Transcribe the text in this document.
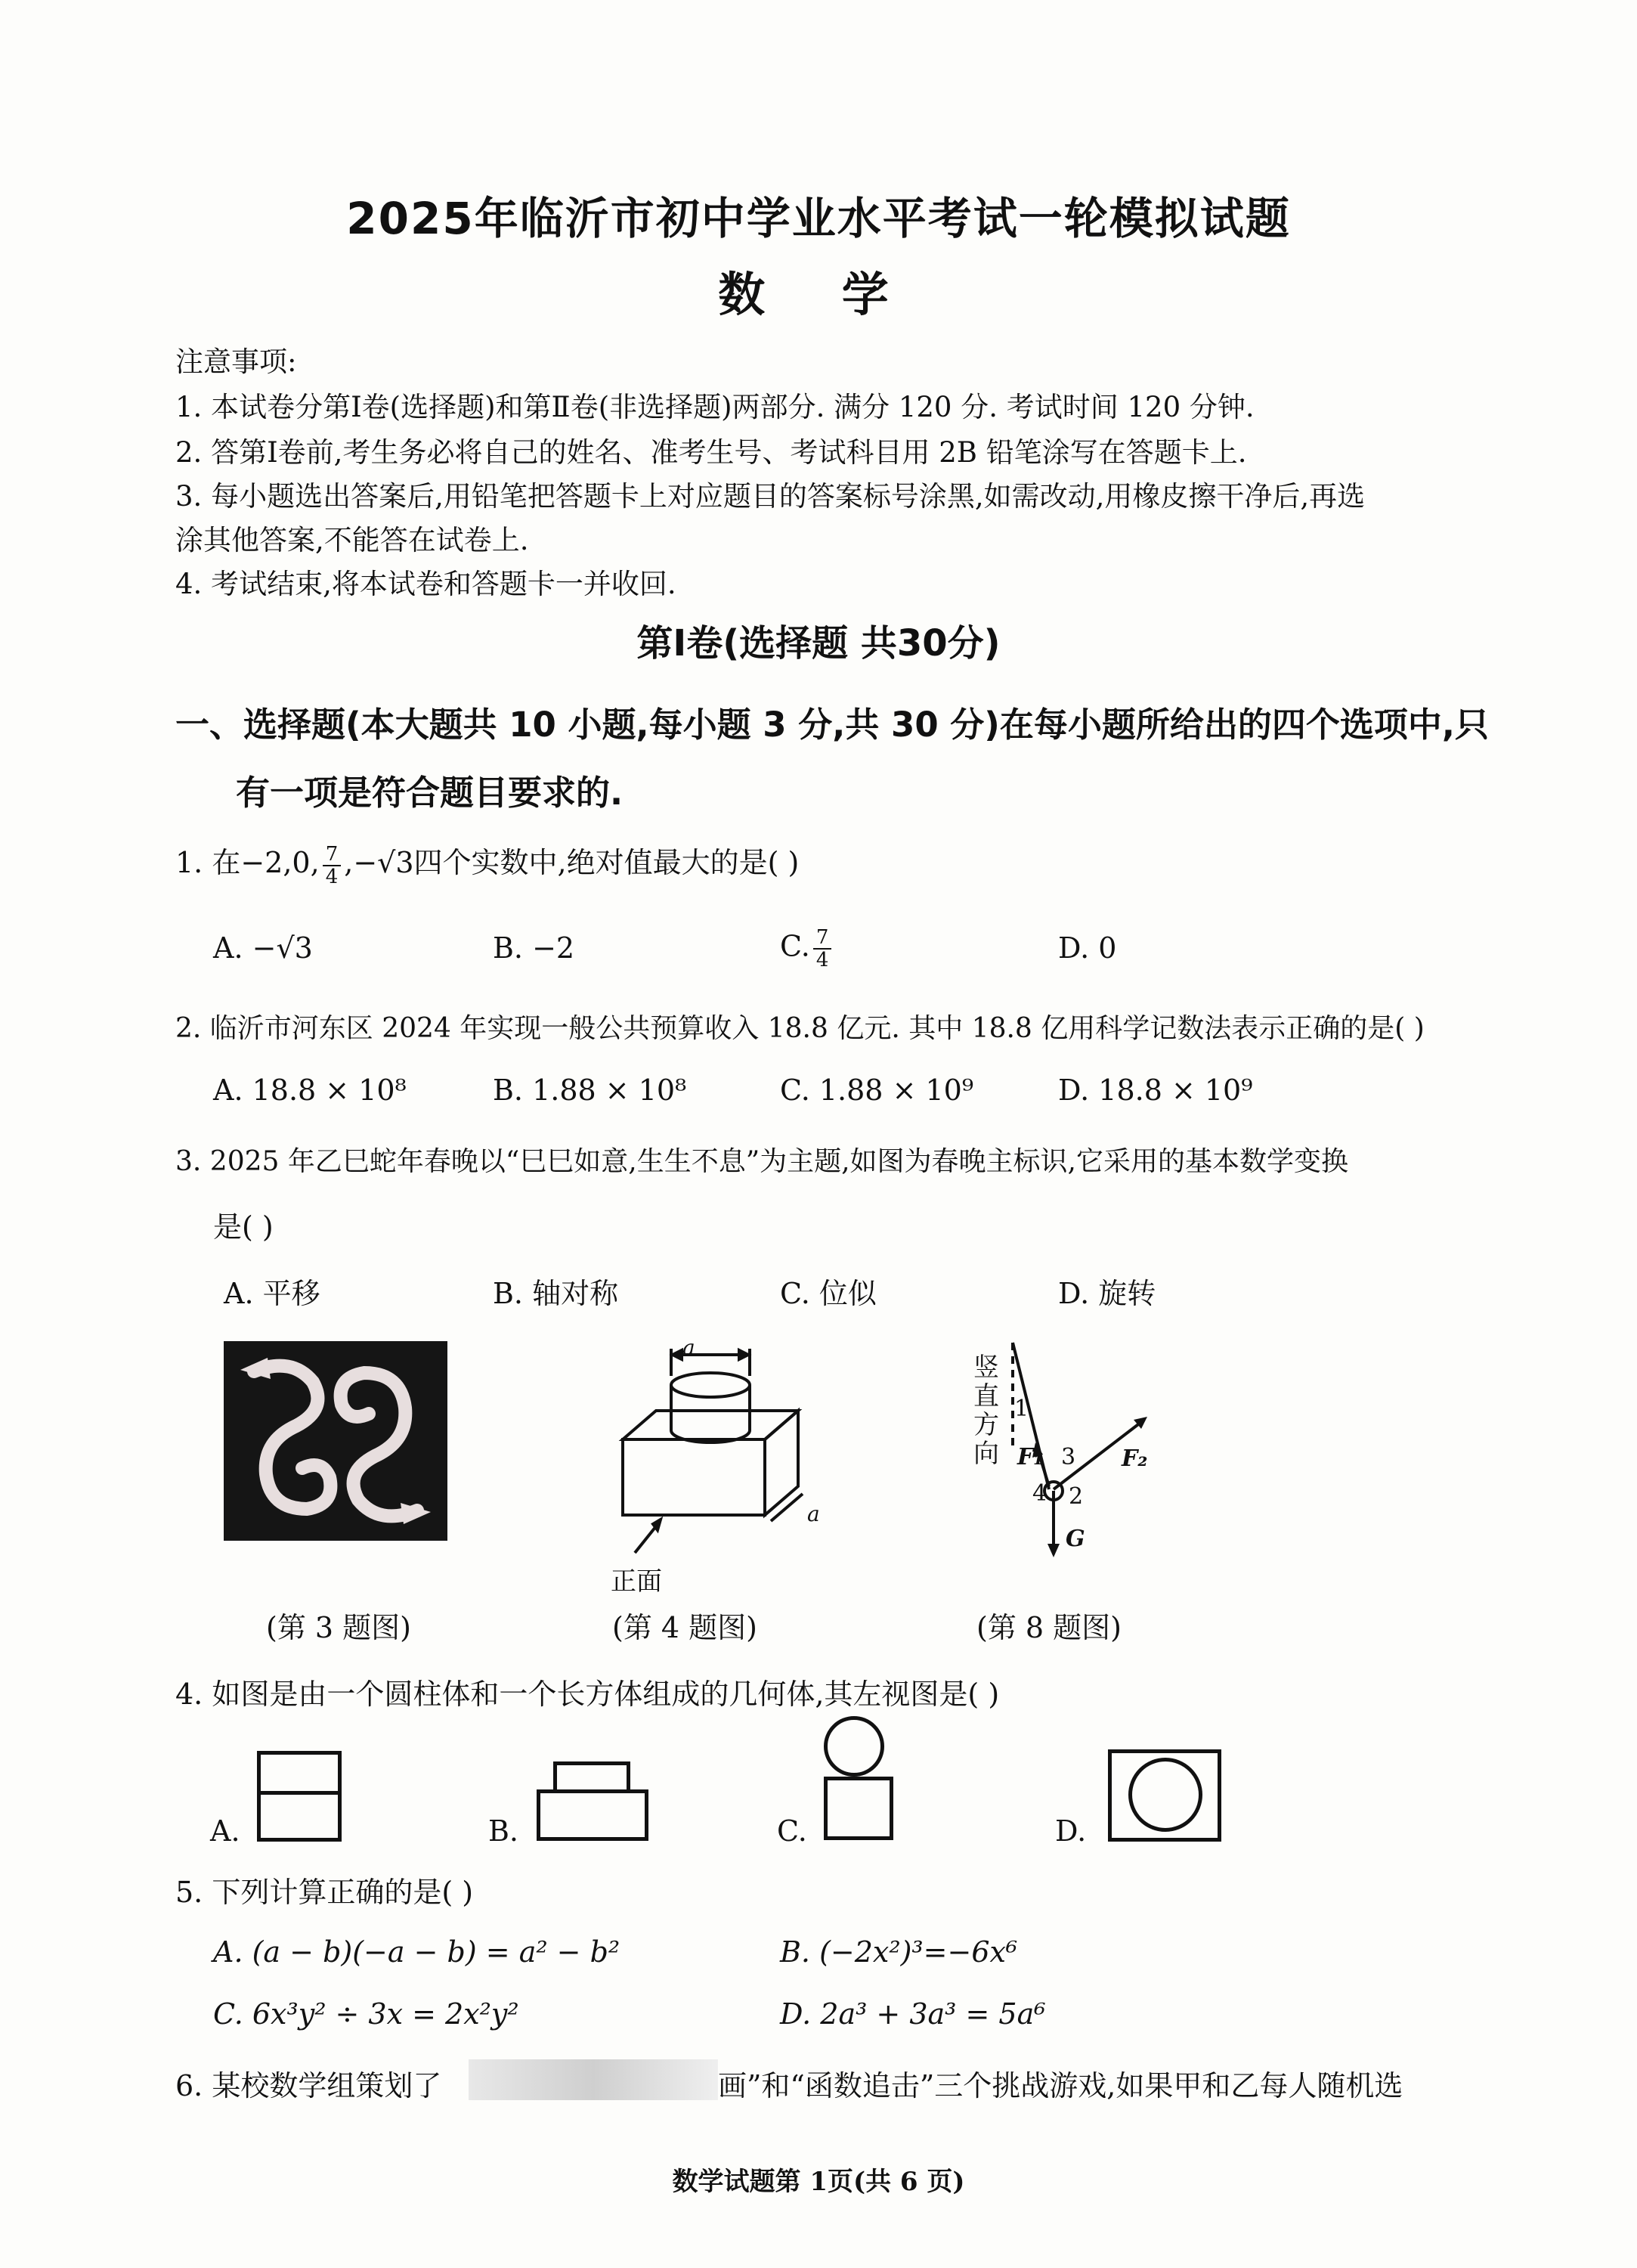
2025年临沂市初中学业水平考试一轮模拟试题
数 学
注意事项:
1. 本试卷分第Ⅰ卷(选择题)和第Ⅱ卷(非选择题)两部分. 满分 120 分. 考试时间 120 分钟.
2. 答第Ⅰ卷前,考生务必将自己的姓名、准考生号、考试科目用 2B 铅笔涂写在答题卡上.
3. 每小题选出答案后,用铅笔把答题卡上对应题目的答案标号涂黑,如需改动,用橡皮擦干净后,再选
涂其他答案,不能答在试卷上.
4. 考试结束,将本试卷和答题卡一并收回.
第Ⅰ卷(选择题 共30分)
一、选择题(本大题共 10 小题,每小题 3 分,共 30 分)在每小题所给出的四个选项中,只
有一项是符合题目要求的.
1. 在−2,0, $\frac{7}{4} ,-√3$四个实数中,绝对值最大的是( )
A. −√3	B. −2	C. $\frac{7}{4}$	D. 0
2. 临沂市河东区 2024 年实现一般公共预算收入 18.8 亿元. 其中 18.8 亿用科学记数法表示正确的是( )
A. 18.8 × 10⁸	B. 1.88 × 10⁸	C. 1.88 × 10⁹	D. 18.8 × 10⁹
3. 2025 年乙巳蛇年春晚以“巳巳如意,生生不息”为主题,如图为春晚主标识,它采用的基本数学变换
是( )
A. 平移	B. 轴对称	C. 位似	D. 旋转
a
a
正面
竖直方向
1
3
4 2
F₁	F₂
G
(第 3 题图)	(第 4 题图)	(第 8 题图)
4. 如图是由一个圆柱体和一个长方体组成的几何体,其左视图是( )
A.	B.	C.	D.
5. 下列计算正确的是( )
A. (a − b)(−a − b) = a² − b²	B. (−2x²)³=−6x⁶
C. 6x³y² ÷ 3x = 2x²y²	D. 2a³ + 3a³ = 5a⁶
6. 某校数学组策划了	画”和“函数追击”三个挑战游戏,如果甲和乙每人随机选
数学试题第 1页(共 6 页)
